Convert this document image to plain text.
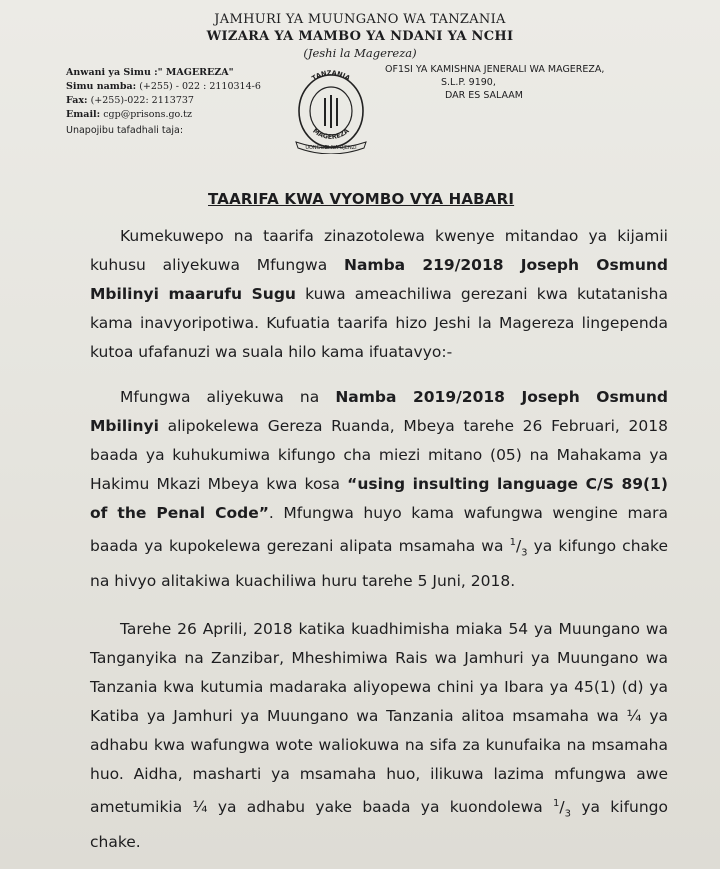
JAMHURI YA MUUNGANO WA TANZANIA
WIZARA YA MAMBO YA NDANI YA NCHI
(Jeshi la Magereza)
Anwani ya Simu :" MAGEREZA"
Simu namba: (+255) - 022 : 2110314-6
Fax: (+255)-022: 2113737
Email: cgp@prisons.go.tz
TANZANIA
MAGEREZA
UONGOZI NA UJENZI
OF1SI YA KAMISHNA JENERALI WA MAGEREZA,
S.L.P. 9190,
DAR ES SALAAM
Unapojibu tafadhali taja:
TAARIFA KWA VYOMBO VYA HABARI
Kumekuwepo na taarifa zinazotolewa kwenye mitandao ya kijamii kuhusu aliyekuwa Mfungwa Namba 219/2018 Joseph Osmund Mbilinyi maarufu Sugu kuwa ameachiliwa gerezani kwa kutatanisha kama inavyoripotiwa. Kufuatia taarifa hizo Jeshi la Magereza lingependa kutoa ufafanuzi wa suala hilo kama ifuatavyo:-
Mfungwa aliyekuwa na Namba 2019/2018 Joseph Osmund Mbilinyi alipokelewa Gereza Ruanda, Mbeya tarehe 26 Februari, 2018 baada ya kuhukumiwa kifungo cha miezi mitano (05) na Mahakama ya Hakimu Mkazi Mbeya kwa kosa “using insulting language C/S 89(1) of the Penal Code”. Mfungwa huyo kama wafungwa wengine mara baada ya kupokelewa gerezani alipata msamaha wa $^1/_3$ ya kifungo chake na hivyo alitakiwa kuachiliwa huru tarehe 5 Juni, 2018.
Tarehe 26 Aprili, 2018 katika kuadhimisha miaka 54 ya Muungano wa Tanganyika na Zanzibar, Mheshimiwa Rais wa Jamhuri ya Muungano wa Tanzania kwa kutumia madaraka aliyopewa chini ya Ibara ya 45(1) (d) ya Katiba ya Jamhuri ya Muungano wa Tanzania alitoa msamaha wa ¼ ya adhabu kwa wafungwa wote waliokuwa na sifa za kunufaika na msamaha huo. Aidha, masharti ya msamaha huo, ilikuwa lazima mfungwa awe ametumikia ¼ ya adhabu yake baada ya kuondolewa $^1/_3$ ya kifungo chake.
